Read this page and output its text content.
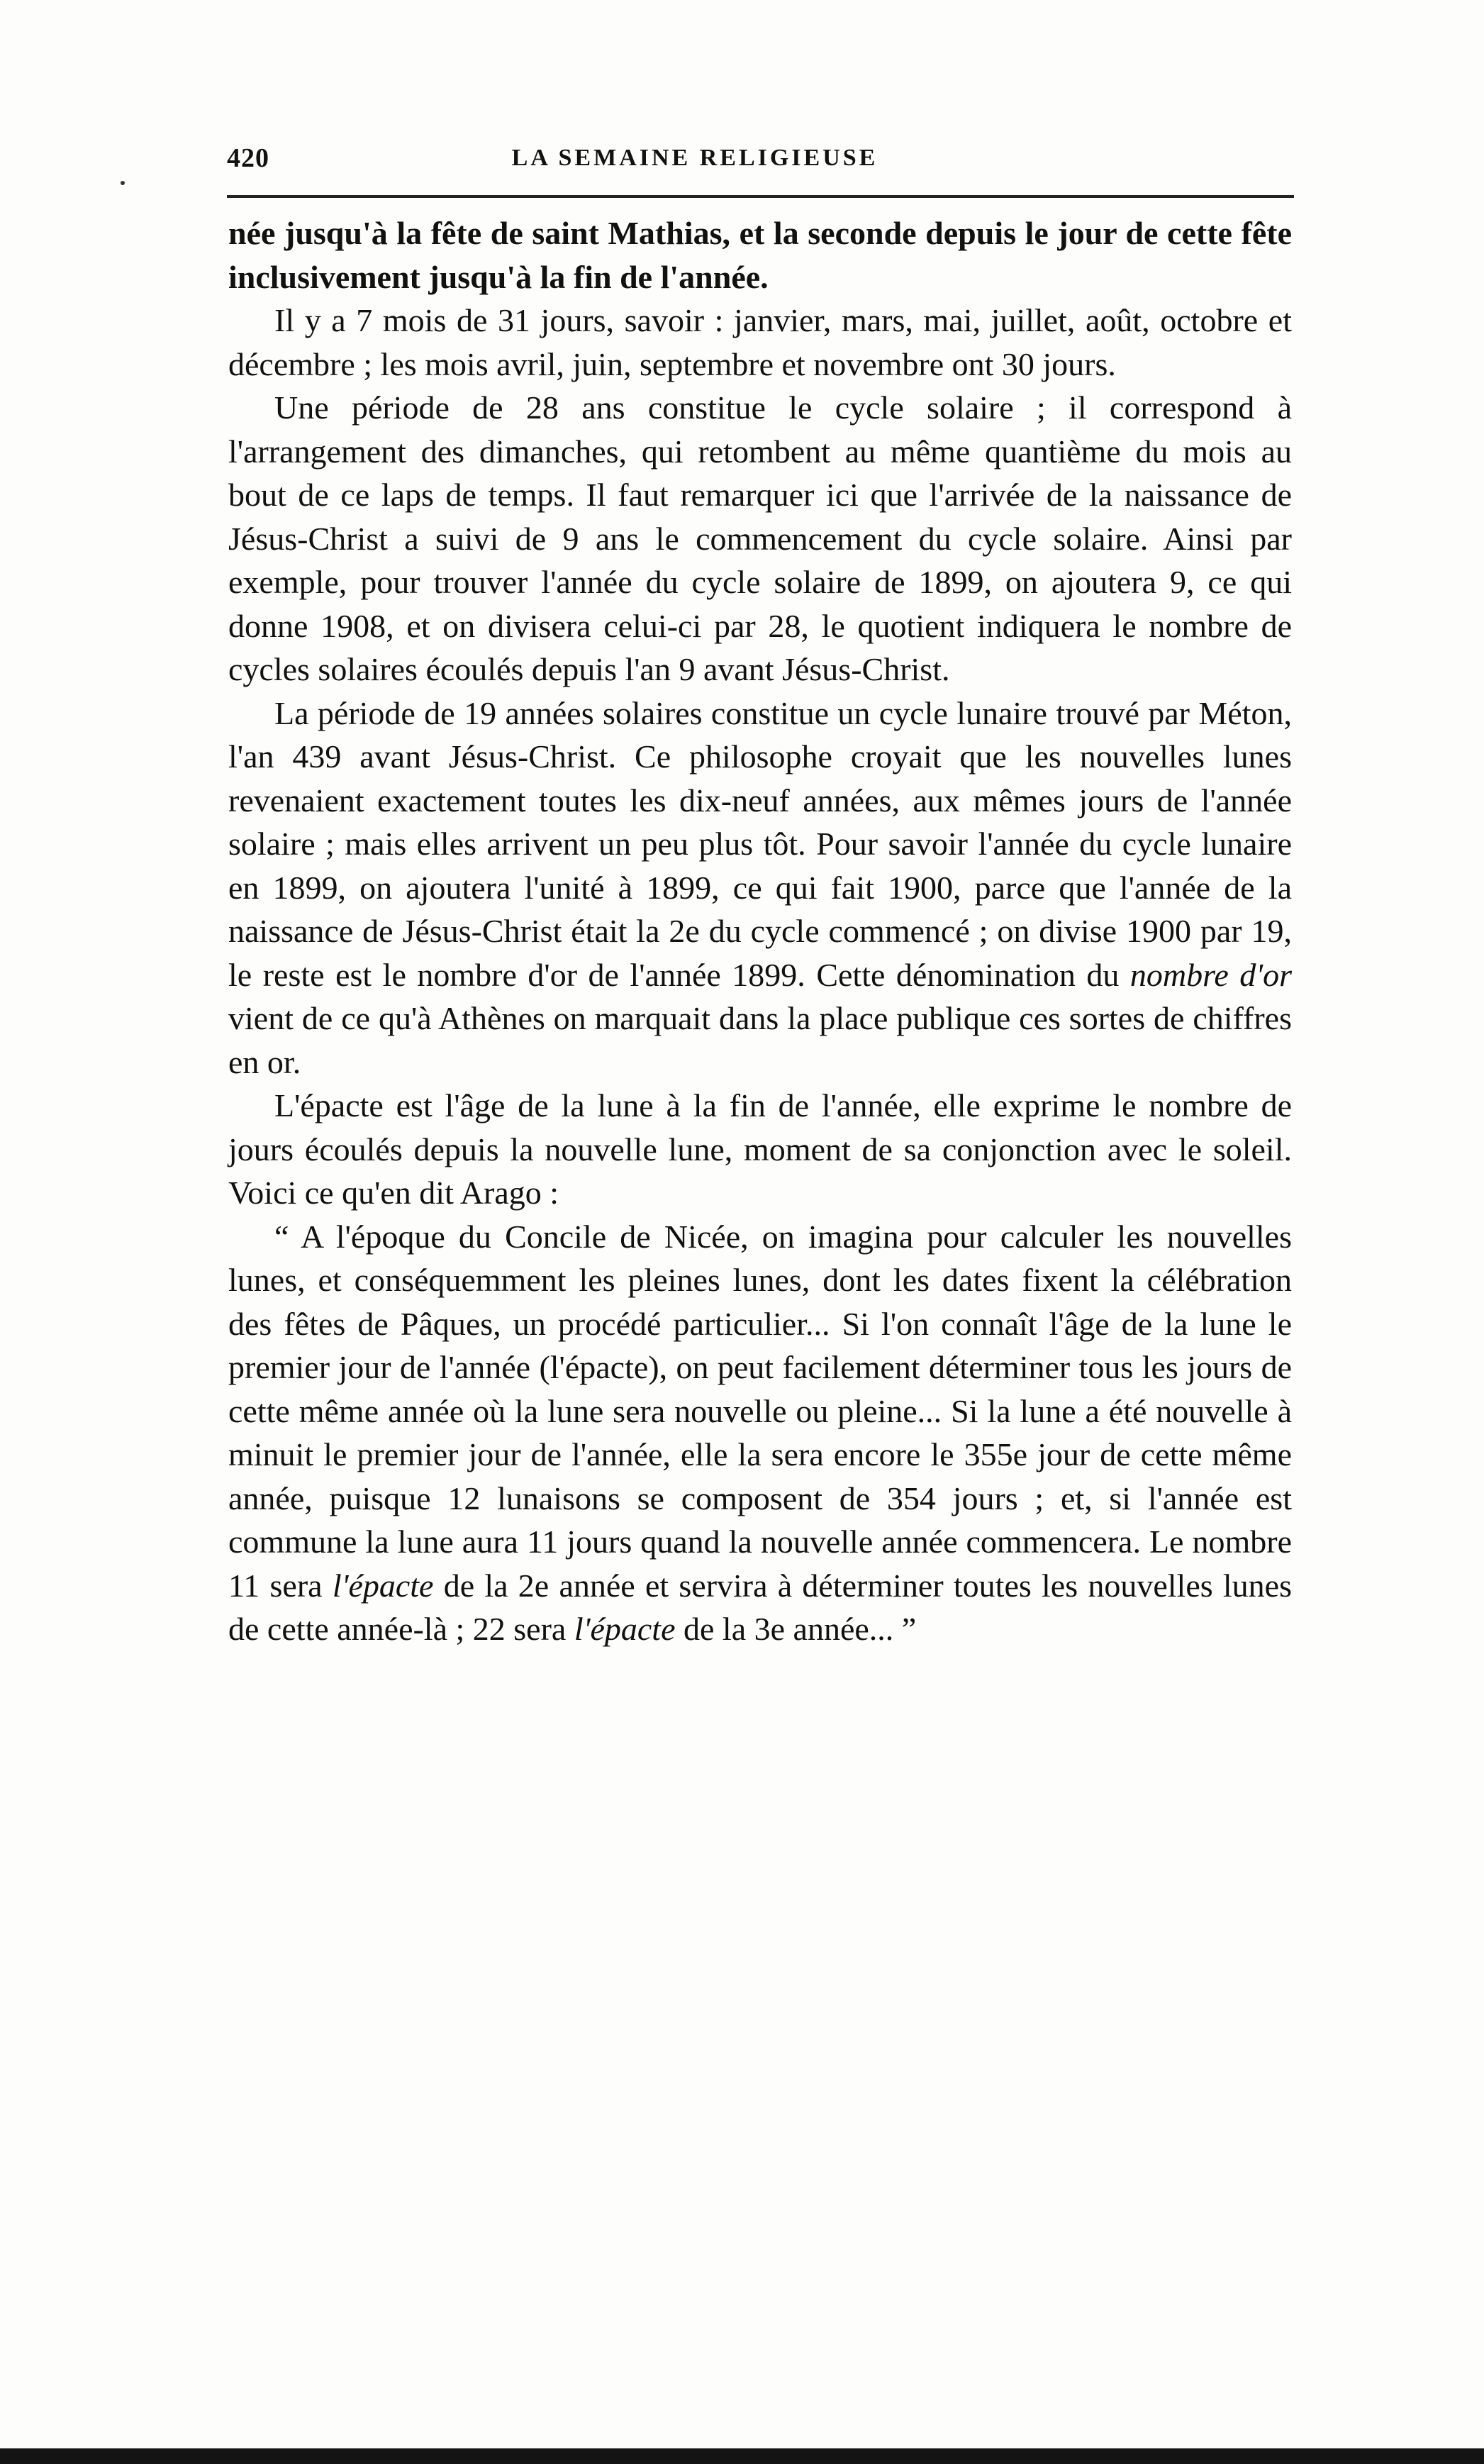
420	LA SEMAINE RELIGIEUSE

née jusqu'à la fête de saint Mathias, et la seconde depuis le jour de cette fête inclusivement jusqu'à la fin de l'année.

Il y a 7 mois de 31 jours, savoir : janvier, mars, mai, juillet, août, octobre et décembre ; les mois avril, juin, septembre et novembre ont 30 jours.

Une période de 28 ans constitue le cycle solaire ; il correspond à l'arrangement des dimanches, qui retombent au même quantième du mois au bout de ce laps de temps. Il faut remarquer ici que l'arrivée de la naissance de Jésus-Christ a suivi de 9 ans le commencement du cycle solaire. Ainsi par exemple, pour trouver l'année du cycle solaire de 1899, on ajoutera 9, ce qui donne 1908, et on divisera celui-ci par 28, le quotient indiquera le nombre de cycles solaires écoulés depuis l'an 9 avant Jésus-Christ.

La période de 19 années solaires constitue un cycle lunaire trouvé par Méton, l'an 439 avant Jésus-Christ. Ce philosophe croyait que les nouvelles lunes revenaient exactement toutes les dix-neuf années, aux mêmes jours de l'année solaire ; mais elles arrivent un peu plus tôt. Pour savoir l'année du cycle lunaire en 1899, on ajoutera l'unité à 1899, ce qui fait 1900, parce que l'année de la naissance de Jésus-Christ était la 2e du cycle commencé ; on divise 1900 par 19, le reste est le nombre d'or de l'année 1899. Cette dénomination du nombre d'or vient de ce qu'à Athènes on marquait dans la place publique ces sortes de chiffres en or.

L'épacte est l'âge de la lune à la fin de l'année, elle exprime le nombre de jours écoulés depuis la nouvelle lune, moment de sa conjonction avec le soleil. Voici ce qu'en dit Arago :

“ A l'époque du Concile de Nicée, on imagina pour calculer les nouvelles lunes, et conséquemment les pleines lunes, dont les dates fixent la célébration des fêtes de Pâques, un procédé particulier... Si l'on connaît l'âge de la lune le premier jour de l'année (l'épacte), on peut facilement déterminer tous les jours de cette même année où la lune sera nouvelle ou pleine... Si la lune a été nouvelle à minuit le premier jour de l'année, elle la sera encore le 355e jour de cette même année, puisque 12 lunaisons se composent de 354 jours ; et, si l'année est commune la lune aura 11 jours quand la nouvelle année commencera. Le nombre 11 sera l'épacte de la 2e année et servira à déterminer toutes les nouvelles lunes de cette année-là ; 22 sera l'épacte de la 3e année... ”
